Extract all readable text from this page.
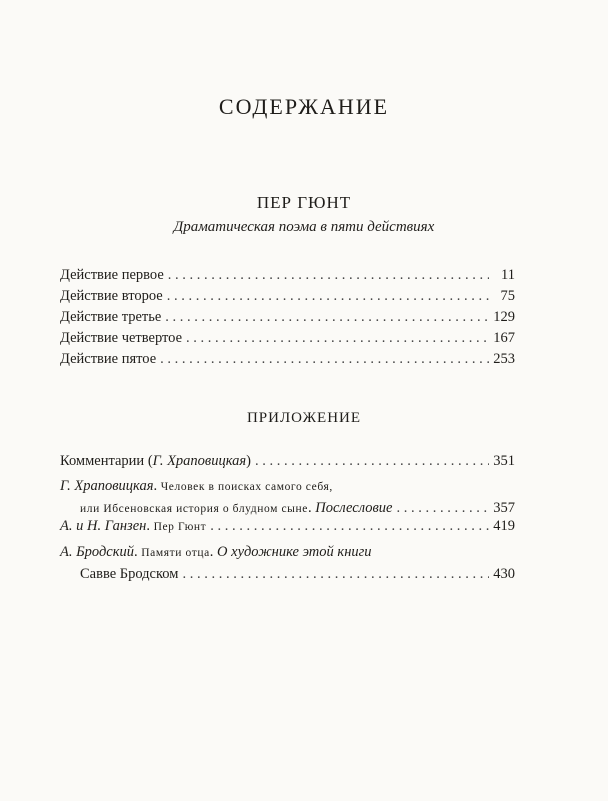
СОДЕРЖАНИЕ
ПЕР ГЮНТ
Драматическая поэма в пяти действиях
Действие первое . . .	11
Действие второе . . .	75
Действие третье . . .	129
Действие четвертое . . .	167
Действие пятое . . .	253
ПРИЛОЖЕНИЕ
Комментарии (Г. Храповицкая) . . .	351
Г. Храповицкая. Человек в поисках самого себя,
или Ибсеновская история о блудном сыне. Послесловие . . .	357
А. и Н. Ганзен. Пер Гюнт . . .	419
А. Бродский. Памяти отца. О художнике этой книги
Савве Бродском . . .	430
